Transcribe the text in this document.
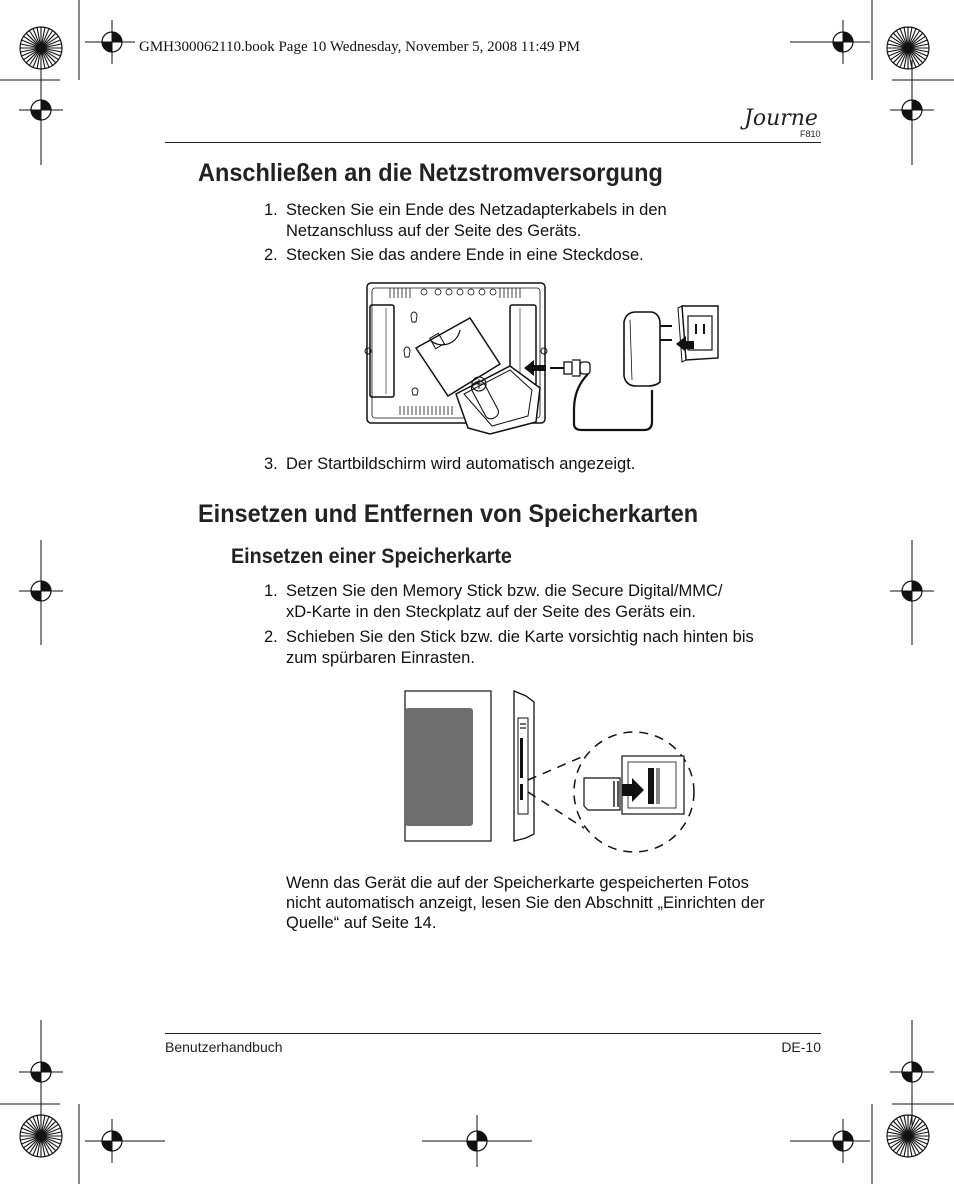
GMH300062110.book Page 10 Wednesday, November 5, 2008 11:49 PM
Journe
F810
Anschließen an die Netzstromversorgung
1. Stecken Sie ein Ende des Netzadapterkabels in den
Netzanschluss auf der Seite des Geräts.
2. Stecken Sie das andere Ende in eine Steckdose.
3. Der Startbildschirm wird automatisch angezeigt.
Einsetzen und Entfernen von Speicherkarten
Einsetzen einer Speicherkarte
1. Setzen Sie den Memory Stick bzw. die Secure Digital/MMC/
xD-Karte in den Steckplatz auf der Seite des Geräts ein.
2. Schieben Sie den Stick bzw. die Karte vorsichtig nach hinten bis
zum spürbaren Einrasten.
Wenn das Gerät die auf der Speicherkarte gespeicherten Fotos
nicht automatisch anzeigt, lesen Sie den Abschnitt „Einrichten der
Quelle“ auf Seite 14.
Benutzerhandbuch	DE-10
